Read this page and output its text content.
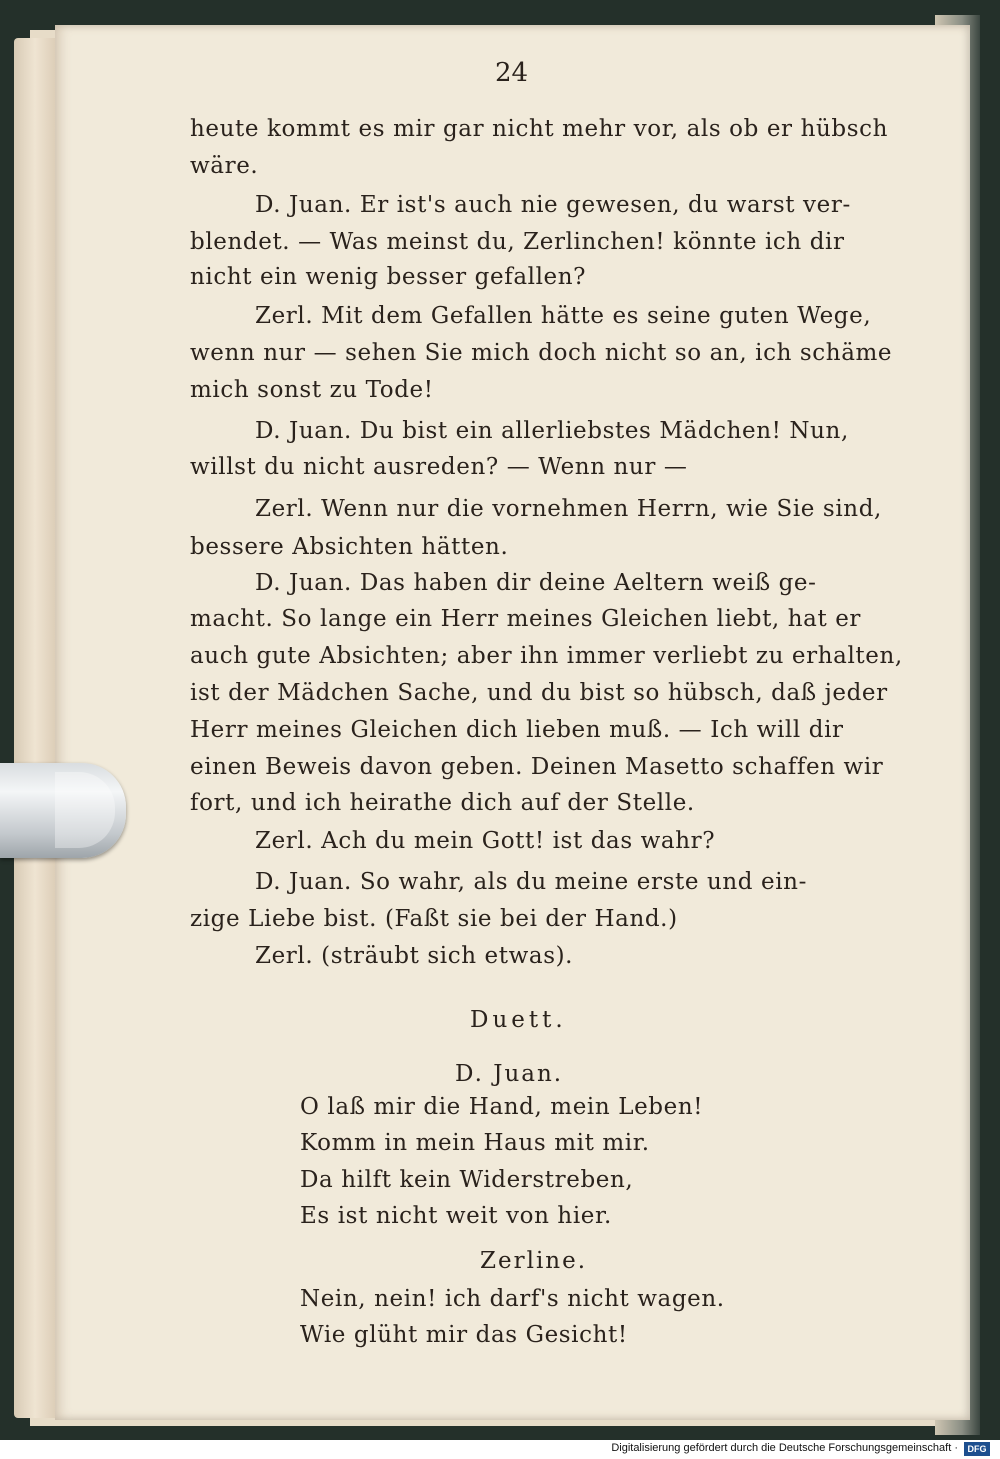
24
heute kommt es mir gar nicht mehr vor, als ob er hübsch
wäre.
D. Juan. Er ist's auch nie gewesen, du warst ver-
blendet. — Was meinst du, Zerlinchen! könnte ich dir
nicht ein wenig besser gefallen?
Zerl. Mit dem Gefallen hätte es seine guten Wege,
wenn nur — sehen Sie mich doch nicht so an, ich schäme
mich sonst zu Tode!
D. Juan. Du bist ein allerliebstes Mädchen! Nun,
willst du nicht ausreden? — Wenn nur —
Zerl. Wenn nur die vornehmen Herrn, wie Sie sind,
bessere Absichten hätten.
D. Juan. Das haben dir deine Aeltern weiß ge-
macht. So lange ein Herr meines Gleichen liebt, hat er
auch gute Absichten; aber ihn immer verliebt zu erhalten,
ist der Mädchen Sache, und du bist so hübsch, daß jeder
Herr meines Gleichen dich lieben muß. — Ich will dir
einen Beweis davon geben. Deinen Masetto schaffen wir
fort, und ich heirathe dich auf der Stelle.
Zerl. Ach du mein Gott! ist das wahr?
D. Juan. So wahr, als du meine erste und ein-
zige Liebe bist. (Faßt sie bei der Hand.)
Zerl. (sträubt sich etwas).
Duett.
D. Juan.
O laß mir die Hand, mein Leben!
Komm in mein Haus mit mir.
Da hilft kein Widerstreben,
Es ist nicht weit von hier.
Zerline.
Nein, nein! ich darf's nicht wagen.
Wie glüht mir das Gesicht!
Digitalisierung gefördert durch die Deutsche Forschungsgemeinschaft ·	DFG
